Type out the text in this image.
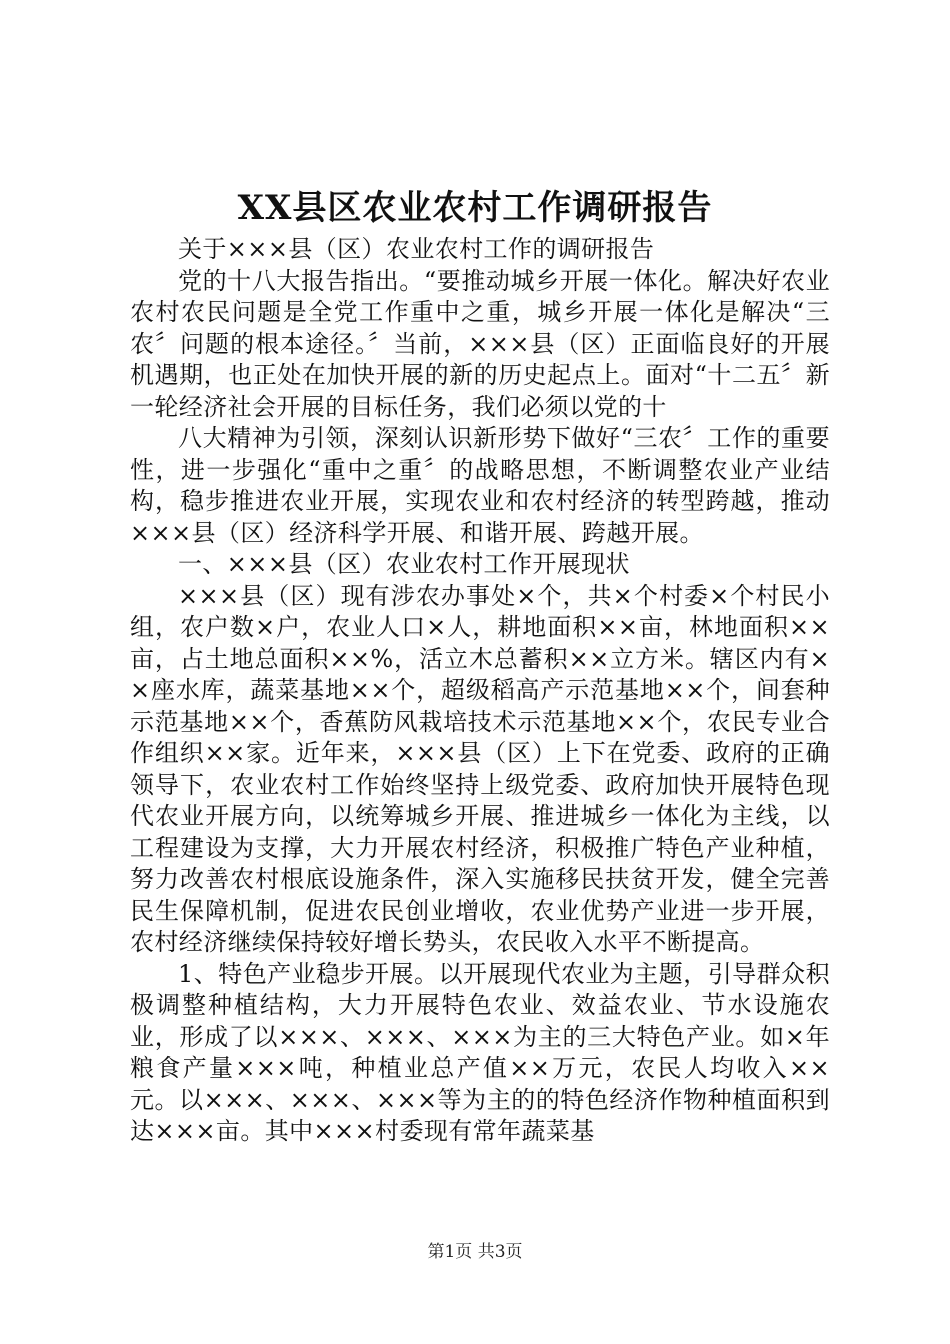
XX县区农业农村工作调研报告

关于×××县（区）农业农村工作的调研报告

党的十八大报告指出。“要推动城乡开展一体化。解决好农业农村农民问题是全党工作重中之重，城乡开展一体化是解决“三农〞问题的根本途径。〞当前，×××县（区）正面临良好的开展机遇期，也正处在加快开展的新的历史起点上。面对“十二五〞新一轮经济社会开展的目标任务，我们必须以党的十

八大精神为引领，深刻认识新形势下做好“三农〞工作的重要性，进一步强化“重中之重〞的战略思想，不断调整农业产业结构，稳步推进农业开展，实现农业和农村经济的转型跨越，推动×××县（区）经济科学开展、和谐开展、跨越开展。

一、×××县（区）农业农村工作开展现状

×××县（区）现有涉农办事处×个，共×个村委×个村民小组，农户数×户，农业人口×人，耕地面积××亩，林地面积××亩，占土地总面积××%，活立木总蓄积××立方米。辖区内有××座水库，蔬菜基地××个，超级稻高产示范基地××个，间套种示范基地××个，香蕉防风栽培技术示范基地××个，农民专业合作组织××家。近年来，×××县（区）上下在党委、政府的正确领导下，农业农村工作始终坚持上级党委、政府加快开展特色现代农业开展方向，以统筹城乡开展、推进城乡一体化为主线，以工程建设为支撑，大力开展农村经济，积极推广特色产业种植，努力改善农村根底设施条件，深入实施移民扶贫开发，健全完善民生保障机制，促进农民创业增收，农业优势产业进一步开展，农村经济继续保持较好增长势头，农民收入水平不断提高。

1、特色产业稳步开展。以开展现代农业为主题，引导群众积极调整种植结构，大力开展特色农业、效益农业、节水设施农业，形成了以×××、×××、×××为主的三大特色产业。如×年粮食产量×××吨，种植业总产值××万元，农民人均收入××元。以×××、×××、×××等为主的的特色经济作物种植面积到达×××亩。其中×××村委现有常年蔬菜基

第1页 共3页
